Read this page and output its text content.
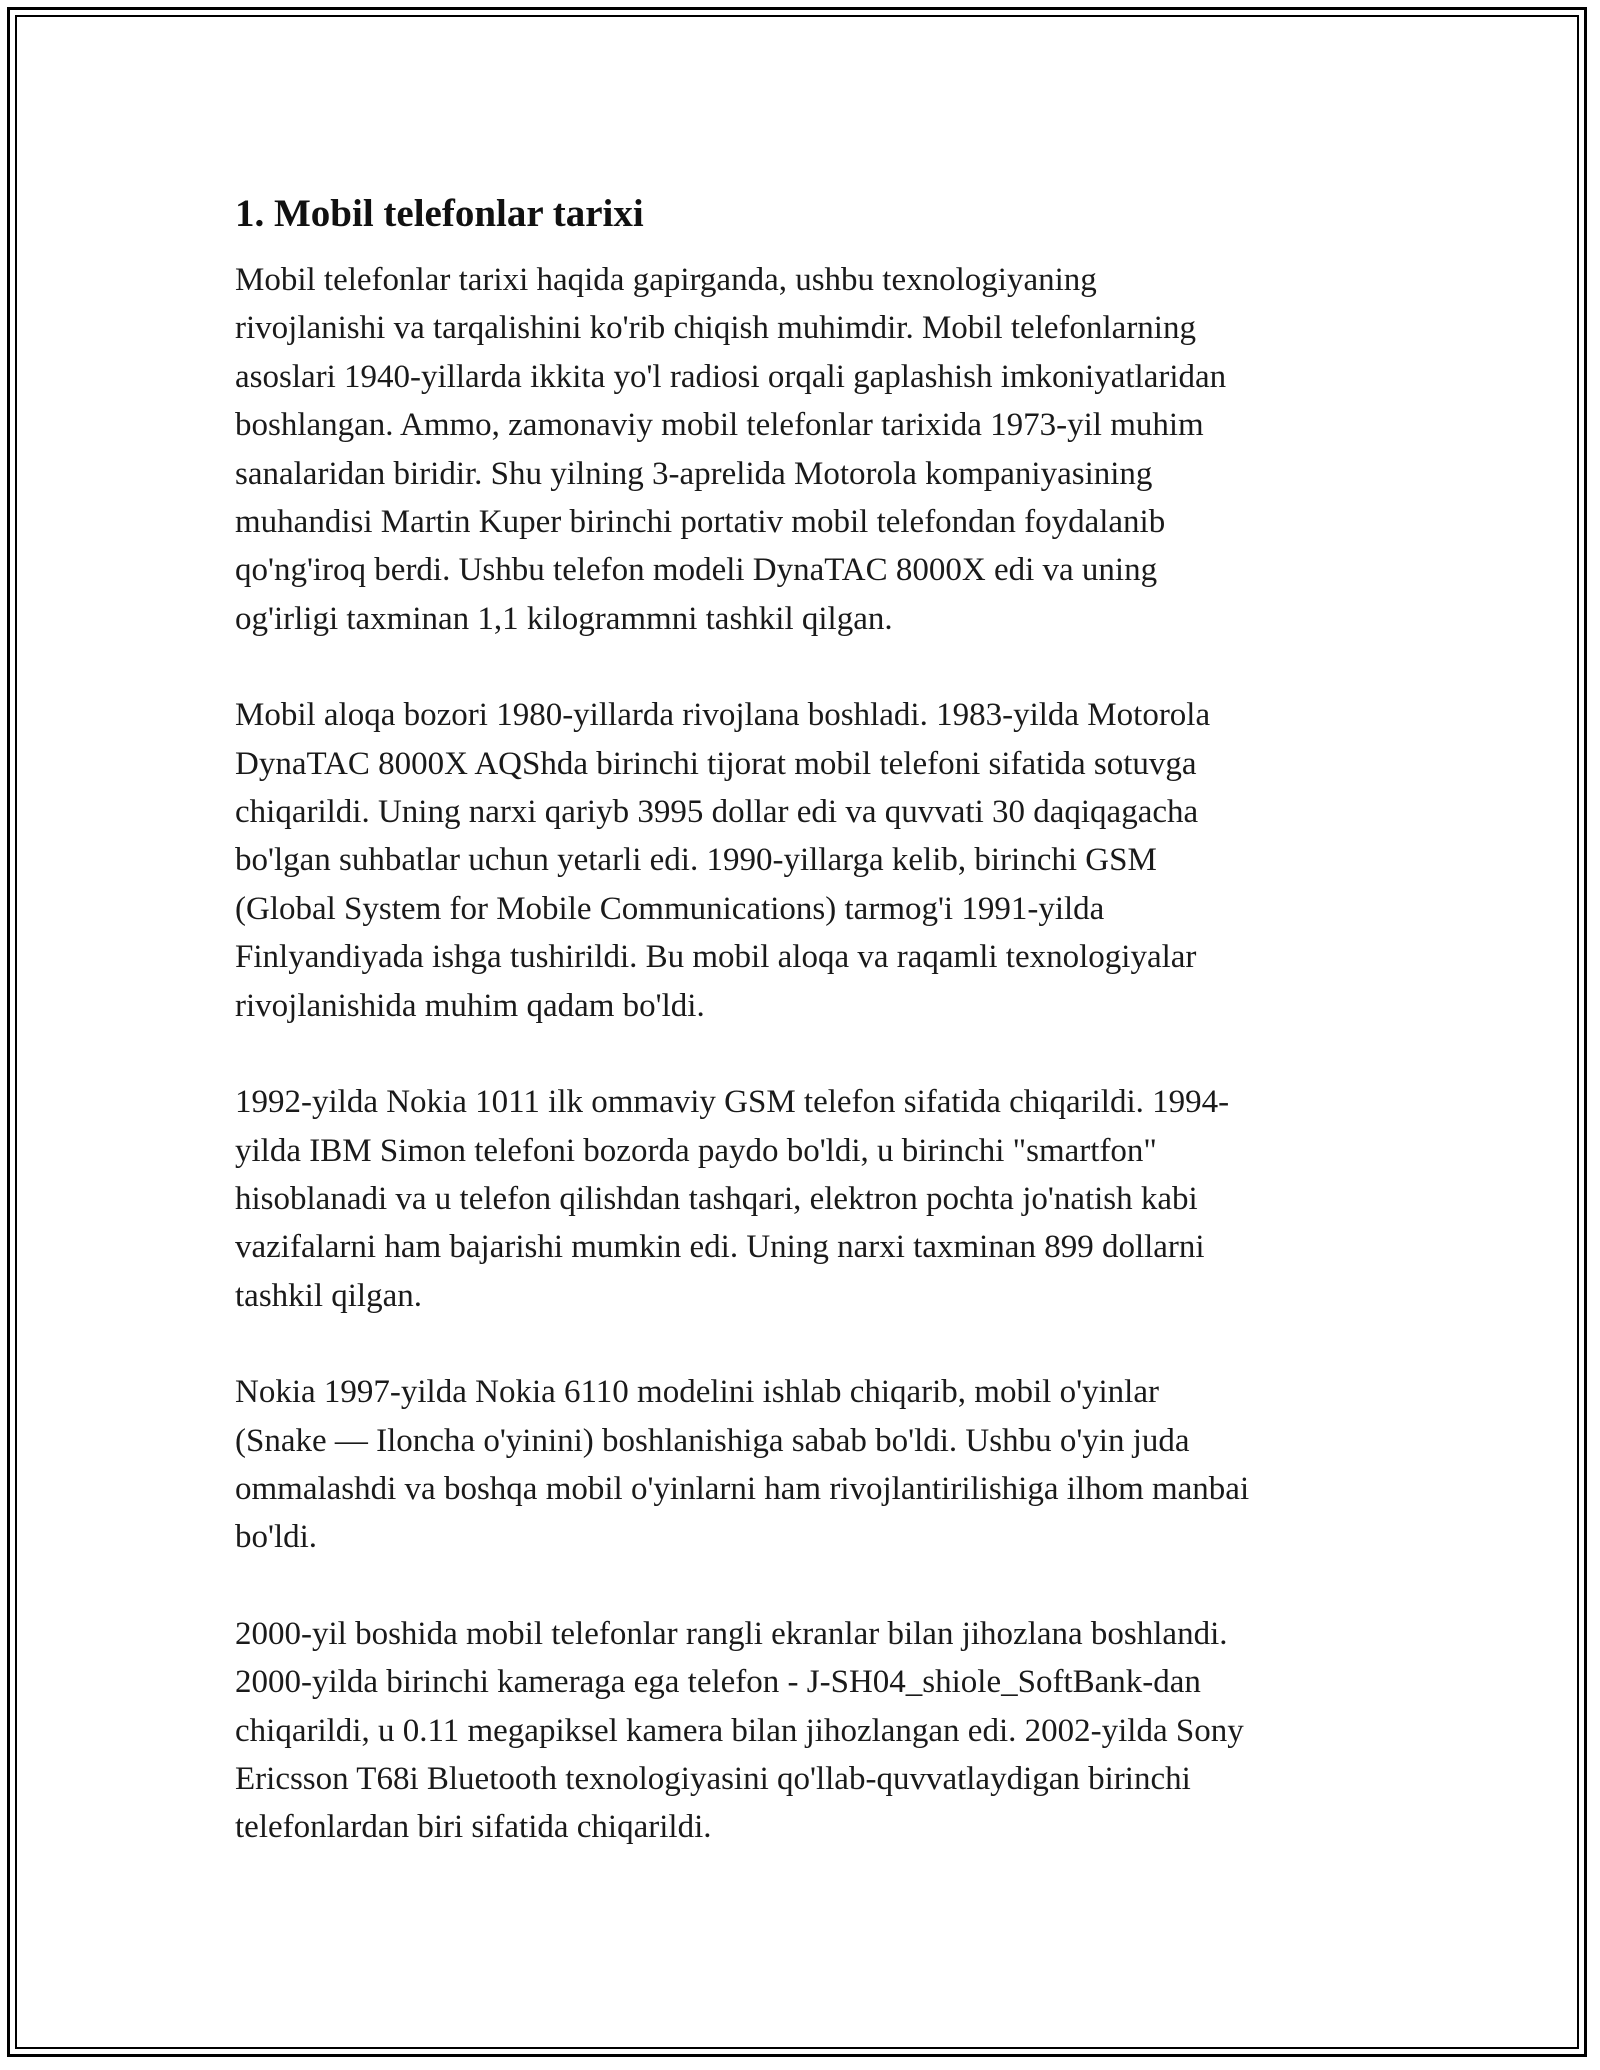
1. Mobil telefonlar tarixi

Mobil telefonlar tarixi haqida gapirganda, ushbu texnologiyaning
rivojlanishi va tarqalishini ko'rib chiqish muhimdir. Mobil telefonlarning
asoslari 1940-yillarda ikkita yo'l radiosi orqali gaplashish imkoniyatlaridan
boshlangan. Ammo, zamonaviy mobil telefonlar tarixida 1973-yil muhim
sanalaridan biridir. Shu yilning 3-aprelida Motorola kompaniyasining
muhandisi Martin Kuper birinchi portativ mobil telefondan foydalanib
qo'ng'iroq berdi. Ushbu telefon modeli DynaTAC 8000X edi va uning
og'irligi taxminan 1,1 kilogrammni tashkil qilgan.

Mobil aloqa bozori 1980-yillarda rivojlana boshladi. 1983-yilda Motorola
DynaTAC 8000X AQShda birinchi tijorat mobil telefoni sifatida sotuvga
chiqarildi. Uning narxi qariyb 3995 dollar edi va quvvati 30 daqiqagacha
bo'lgan suhbatlar uchun yetarli edi. 1990-yillarga kelib, birinchi GSM
(Global System for Mobile Communications) tarmog'i 1991-yilda
Finlyandiyada ishga tushirildi. Bu mobil aloqa va raqamli texnologiyalar
rivojlanishida muhim qadam bo'ldi.

1992-yilda Nokia 1011 ilk ommaviy GSM telefon sifatida chiqarildi. 1994-
yilda IBM Simon telefoni bozorda paydo bo'ldi, u birinchi "smartfon"
hisoblanadi va u telefon qilishdan tashqari, elektron pochta jo'natish kabi
vazifalarni ham bajarishi mumkin edi. Uning narxi taxminan 899 dollarni
tashkil qilgan.

Nokia 1997-yilda Nokia 6110 modelini ishlab chiqarib, mobil o'yinlar
(Snake — Iloncha o'yinini) boshlanishiga sabab bo'ldi. Ushbu o'yin juda
ommalashdi va boshqa mobil o'yinlarni ham rivojlantirilishiga ilhom manbai
bo'ldi.

2000-yil boshida mobil telefonlar rangli ekranlar bilan jihozlana boshlandi.
2000-yilda birinchi kameraga ega telefon - J-SH04_shiole_SoftBank-dan
chiqarildi, u 0.11 megapiksel kamera bilan jihozlangan edi. 2002-yilda Sony
Ericsson T68i Bluetooth texnologiyasini qo'llab-quvvatlaydigan birinchi
telefonlardan biri sifatida chiqarildi.
